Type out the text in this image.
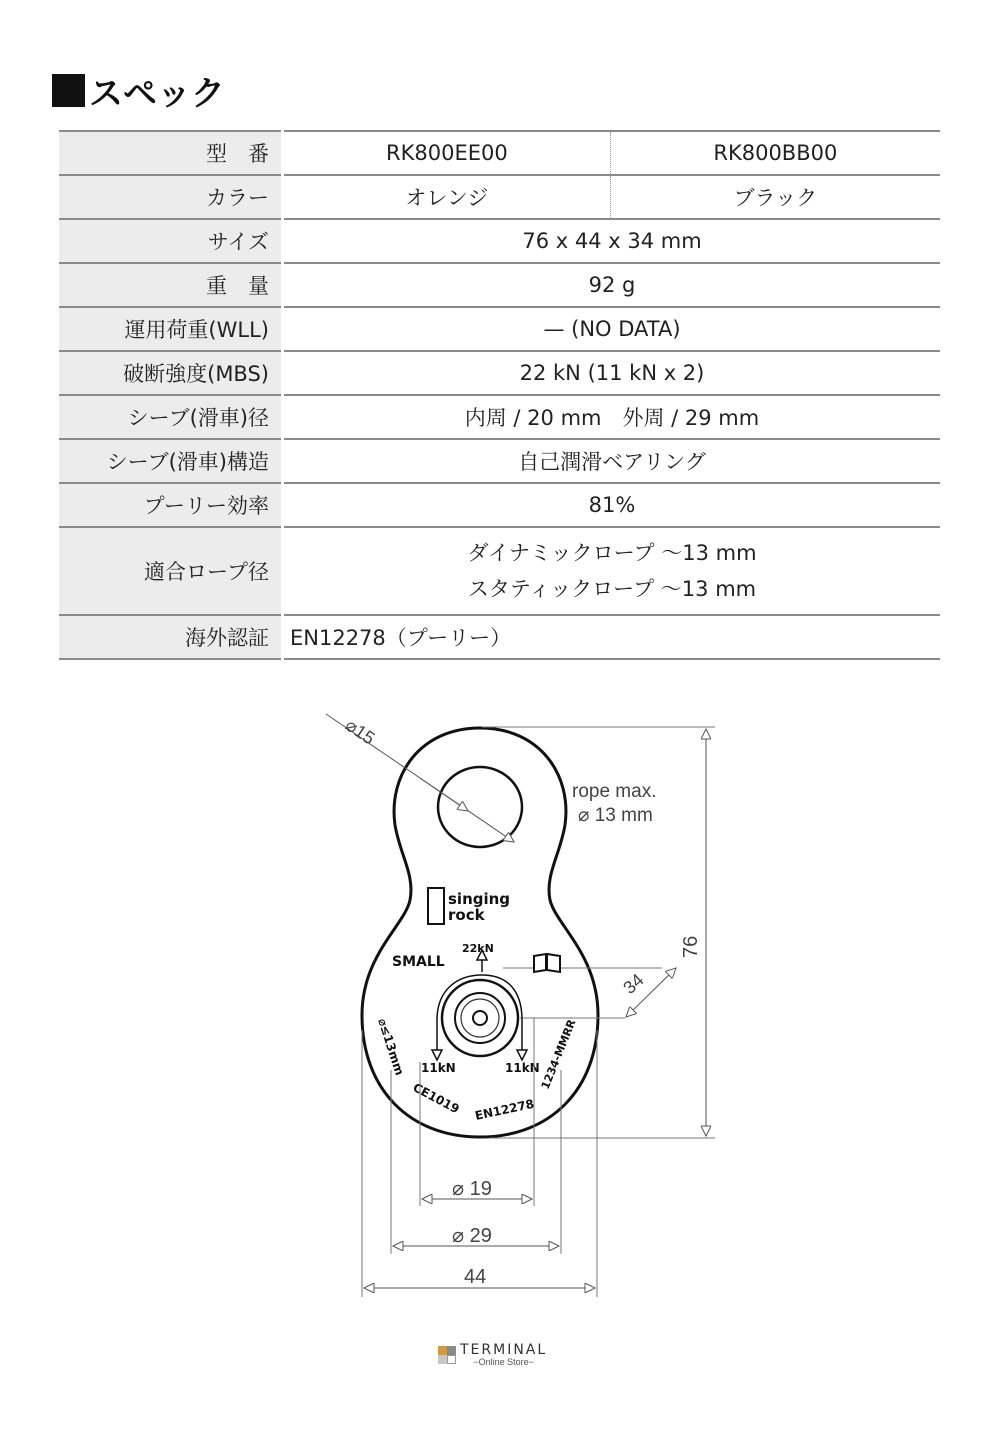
スペック
型　番	RK800EE00	RK800BB00
カラー	オレンジ	ブラック
サイズ	76 x 44 x 34 mm	
重　量	92 g	
運用荷重(WLL)	— (NO DATA)	
破断強度(MBS)	22 kN (11 kN x 2)	
シーブ(滑車)径	内周 / 20 mm　外周 / 29 mm	
シーブ(滑車)構造	自己潤滑ベアリング	
プーリー効率	81%	
適合ロープ径	ダイナミックロープ 〜13 mm
スタティックロープ 〜13 mm	

海外認証	EN12278（プーリー）	
⌀15
rope max.
⌀ 13 mm
76
34
singing
rock
SMALL
22kN
11kN	11kN
⌀≤13mm
CE1019 EN12278
1234-MMRR
⌀ 19
⌀ 29
44
TERMINAL
−Online Store−
